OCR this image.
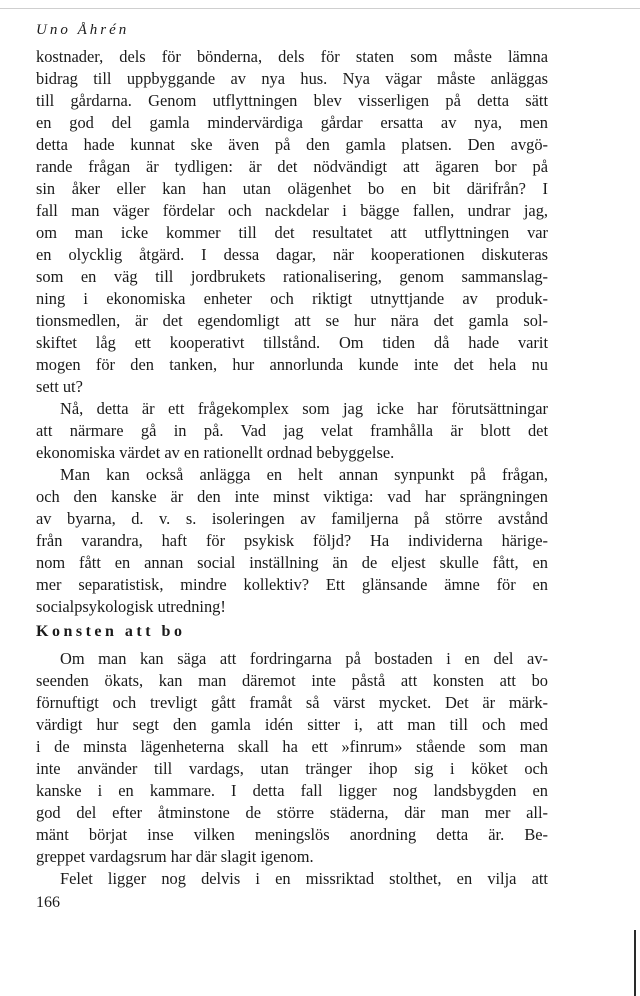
Uno Åhrén
kostnader, dels för bönderna, dels för staten som måste lämna
bidrag till uppbyggande av nya hus. Nya vägar måste anläggas
till gårdarna. Genom utflyttningen blev visserligen på detta sätt
en god del gamla mindervärdiga gårdar ersatta av nya, men
detta hade kunnat ske även på den gamla platsen. Den avgö-
rande frågan är tydligen: är det nödvändigt att ägaren bor på
sin åker eller kan han utan olägenhet bo en bit därifrån? I
fall man väger fördelar och nackdelar i bägge fallen, undrar jag,
om man icke kommer till det resultatet att utflyttningen var
en olycklig åtgärd. I dessa dagar, när kooperationen diskuteras
som en väg till jordbrukets rationalisering, genom sammanslag-
ning i ekonomiska enheter och riktigt utnyttjande av produk-
tionsmedlen, är det egendomligt att se hur nära det gamla sol-
skiftet låg ett kooperativt tillstånd. Om tiden då hade varit
mogen för den tanken, hur annorlunda kunde inte det hela nu
sett ut?
Nå, detta är ett frågekomplex som jag icke har förutsättningar
att närmare gå in på. Vad jag velat framhålla är blott det
ekonomiska värdet av en rationellt ordnad bebyggelse.
Man kan också anlägga en helt annan synpunkt på frågan,
och den kanske är den inte minst viktiga: vad har sprängningen
av byarna, d. v. s. isoleringen av familjerna på större avstånd
från varandra, haft för psykisk följd? Ha individerna härige-
nom fått en annan social inställning än de eljest skulle fått, en
mer separatistisk, mindre kollektiv? Ett glänsande ämne för en
socialpsykologisk utredning!
Konsten att bo
Om man kan säga att fordringarna på bostaden i en del av-
seenden ökats, kan man däremot inte påstå att konsten att bo
förnuftigt och trevligt gått framåt så värst mycket. Det är märk-
värdigt hur segt den gamla idén sitter i, att man till och med
i de minsta lägenheterna skall ha ett »finrum» stående som man
inte använder till vardags, utan tränger ihop sig i köket och
kanske i en kammare. I detta fall ligger nog landsbygden en
god del efter åtminstone de större städerna, där man mer all-
mänt börjat inse vilken meningslös anordning detta är. Be-
greppet vardagsrum har där slagit igenom.
Felet ligger nog delvis i en missriktad stolthet, en vilja att
166
